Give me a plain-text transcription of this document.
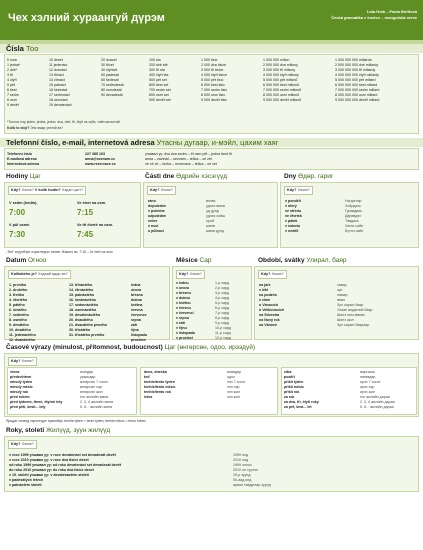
Чех хэлний хураангуй дүрэм
Lída Holá – Pavla Bořilová
Česká gramatika v kostce – mongolská verze
Čísla Тоо
0 nula
1 jedna*
2 dvě*
3 tři
4 čtyři
5 pět
6 šest
7 sedm
8 osm
9 devět
10 deset
11 jedenáct
12 dvanáct
13 třináct
14 čtrnáct
15 patnáct
16 šestnáct
17 sedmnáct
18 osmnáct
19 devatenáct
20 dvacet
30 třicet
40 čtyřicet
50 padesát
60 šedesát
70 sedmdesát
80 osmdesát
90 devadesát
100 sto
200 dvě stě
300 tři sta
400 čtyři sta
500 pět set
600 šest set
700 sedm set
800 osm set
900 devět set
1 000 tisíc
2 000 dva tisíce
3 000 tři tisíce
4 000 čtyři tisíce
5 000 pět tisíc
6 000 šest tisíc
7 000 sedm tisíc
8 000 osm tisíc
9 000 devět tisíc
1 000 000 milion
2 000 000 dva miliony
3 000 000 tři miliony
4 000 000 čtyři miliony
5 000 000 pět milionů
6 000 000 šest milionů
7 000 000 sedm milionů
8 000 000 osm milionů
9 000 000 devět milionů
1 000 000 000 miliarda
2 000 000 000 dvě miliardy
3 000 000 000 tři miliardy
4 000 000 000 čtyři miliardy
5 000 000 000 pět miliard
6 000 000 000 šest miliard
7 000 000 000 sedm miliard
8 000 000 000 osm miliard
9 000 000 000 devět miliard
*Тоолох нэр jeden, jedna, jedno; dva, dvě; tři, čtyři нь хүйс, тийн ялгалтай
Kolik to stojí? Энэ ямар үнэтэй вэ?
Telefonní číslo, e-mail, internetová adresa Утасны дугаар, и-мэйл, цахим хаяг
Telefonní číslo
E-mailová adresa
Internetová adresa
227 385 163
anna@seznam.cz
www.rezervace.cz
уншвал уу: dva dva sedm – tři osm pět – jedna šest tři
anna – zavináč – seznam – tečka – cé zet
vé vé vé – tečka – rezervace – tečka – cé zet
Hodiny Цаг
Kdy? Хэзээ? V kolik hodin? Хэдэн цагт?
V sedm (hodin).
7:00
Ve čtvrt na osm.
7:15
V půl osmé.
7:30
Ve tři čtvrtě na osm.
7:45
Části dne Өдрийн хэсэгүүд
Kdy? Хэзээ?
ráno
dopoledne
v poledne
odpoledne
večer
v noci
o půlnoci
өглөө
үдээс өмнө
үд дунд
үдээс хойш
орой
шөнө
шөнө дунд
Dny Өдөр, гариг
Kdy? Хэзээ?
v pondělí
v úterý
ve středu
ve čtvrtek
v pátek
v sobotu
v neděli
Нэгдэгээр
Хоёрдахь
Гуравдахь
Дөрөвдэх
Тавдахь
Хагас сайн
Бүтэн сайн
„Teď“ өгүүлбэрт хэрэглэгдэх төлөв. Жишээ нь: 7:15 – Je čtvrt na osm
Datum Огноо
Kolikátého je? Хэдний өдөр вэ?
1. prvního
2. druhého
3. třetího
4. čtvrtého
5. pátého
6. šestého
7. sedmého
8. osmého
9. devátého
10. desátého
11. jedenáctého
12. dvanáctého
13. třináctého
14. čtrnáctého
15. patnáctého
16. šestnáctého
17. sedmnáctého
18. osmnáctého
19. devatenáctého
20. dvacátého
21. dvacátého prvního
30. třicátého
31. třicátého prvního
ledna
února
března
dubna
května
června
července
srpna
září
října
listopadu
prosince
Měsíce Сар
Kdy? Хэзээ?
v lednu
v únoru
v březnu
v dubnu
v květnu
v červnu
v červenci
v srpnu
v září
v říjnu
v listopadu
v prosinci
1-р сард
2-р сард
3-р сард
4-р сард
5-р сард
6-р сард
7-р сард
8-р сард
9-р сард
10-р сард
11-р сард
12-р сард
Období, svátky Улирал, баяр
Kdy? Хэзээ?
na jaře
v létě
na podzim
v zimě
o Vánocích
o Velikonocích
na Silvestra
na Nový rok
na Vánoce
хавар
зун
намар
өвөл
Зул сарын баяр
Улаан өндөгний баяр
Шинэ оны өмнөх
Шинэ жил
Зул сарын баяраар
Časové výrazy (minulost, přítomnost, budoucnost) Цаг (өнгөрсөн, одоо, ирээдүй)
Kdy? Хэзээ?
včera
předevčírem
minulý týden
minulý měsíc
minulý rok
před rokem
před týdnem, třemi, čtyřmi lety
před pěti, šesti... lety
өчигдөр
уржигдар
өнгөрсөн 7 хоног
өнгөрсөн сар
өнгөрсөн жил
нэг жилийн өмнө
2, 3, 4 жилийн өмнө
5, 6... жилийн өмнө
dnes, dneska
teď
tenhle/tento týden
tenhle/tento měsíc
tenhle/tento rok
letos
өнөөдөр
одоо
энэ 7 хоног
энэ сар
энэ жил
энэ жил
zítra
pozítří
příští týden
příští měsíc
příští rok
za rok
za dva, tři, čtyři roky
za pět, šest... let
маргааш
нөгөөдөр
ирэх 7 хоног
ирэх сар
ирэх жил
нэг жилийн дараа
2, 3, 4 жилийн дараа
5, 6... жилийн дараа
Ярьдаг хэлэнд хэрэглэдэг хувилбар: tenhle týden = tento týden, tenhle měsíc = tento měsíc
Roky, století Жилүүд, зуун жилүүд
Kdy? Хэзээ?
v roce 1999 уншвал уу: v roce devatenáct set devadesát devět
v roce 2010 уншвал уу: v roce dva tisíce deset
od roku 1999 уншвал уу: od roku devatenáct set devadesát devět
do roku 2010 уншвал уу: do roku dva tisíce deset
v 19. století уншвал уу: v devatenáctém století
v padesátých letech
v patnáctém století
1999 онд
2010 онд
1999 оноос
2010 он хүртэл
19-р зуунд
50-аад онд
арван тавдугаар зуунд
